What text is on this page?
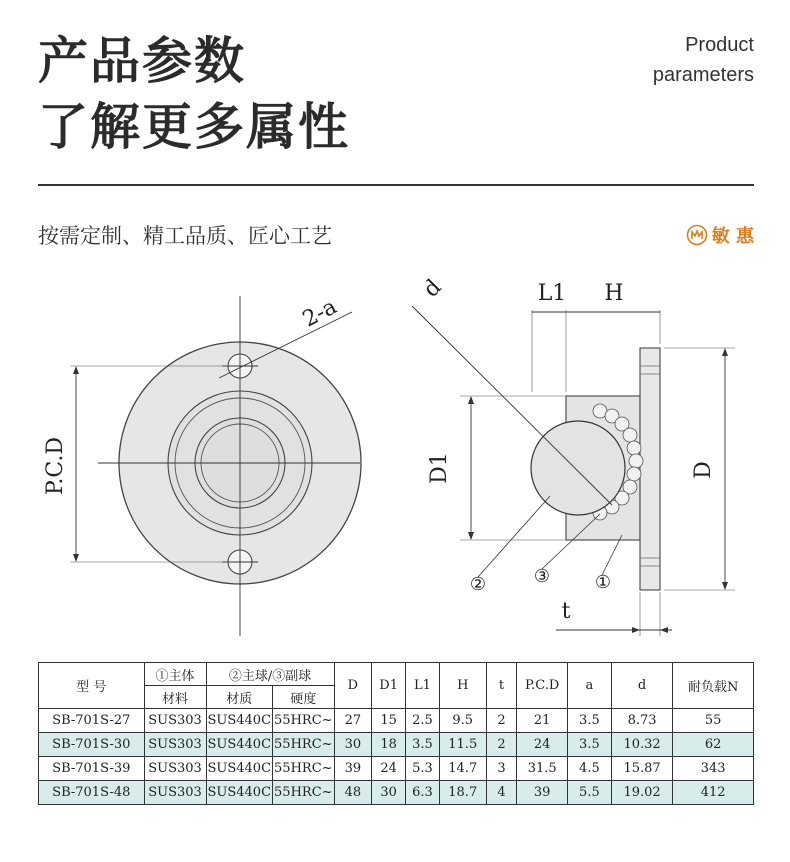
产品参数
了解更多属性
Product
parameters
按需定制、精工品质、匠心工艺	敏 惠
2-a
P.C.D
d	L1 H
D1	D
t
②	③ ①
型 号	①主体	②主球/③副球		D	D1	L1	H	t	P.C.D	a	d	耐负载N
	材料	材质	硬度									
SB-701S-27	SUS303	SUS440C	55HRC~	27	15	2.5	9.5	2	21	3.5	8.73	55
SB-701S-30	SUS303	SUS440C	55HRC~	30	18	3.5	11.5	2	24	3.5	10.32	62
SB-701S-39	SUS303	SUS440C	55HRC~	39	24	5.3	14.7	3	31.5	4.5	15.87	343
SB-701S-48	SUS303	SUS440C	55HRC~	48	30	6.3	18.7	4	39	5.5	19.02	412
